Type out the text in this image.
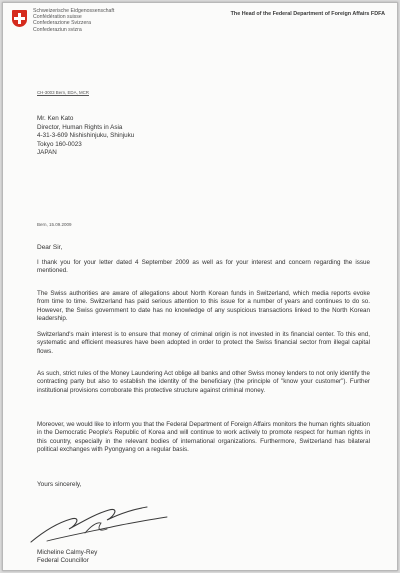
Schweizerische Eidgenossenschaft
Confédération suisse
Confederazione Svizzera
Confederaziun svizra
The Head of the Federal Department of Foreign Affairs FDFA
CH-3003 Bern, EDA, MCR
Mr. Ken Kato
Director, Human Rights in Asia
4-31-3-609 Nishishinjuku, Shinjuku
Tokyo 160-0023
JAPAN
Bern, 15.09.2009
Dear Sir,

I thank you for your letter dated 4 September 2009 as well as for your interest and concern regarding the issue mentioned.

The Swiss authorities are aware of allegations about North Korean funds in Switzerland, which media reports evoke from time to time. Switzerland has paid serious attention to this issue for a number of years and continues to do so. However, the Swiss government to date has no knowledge of any suspicious transactions linked to the North Korean leadership.

Switzerland's main interest is to ensure that money of criminal origin is not invested in its financial center. To this end, systematic and efficient measures have been adopted in order to protect the Swiss financial sector from illegal capital flows.

As such, strict rules of the Money Laundering Act oblige all banks and other Swiss money lenders to not only identify the contracting party but also to establish the identity of the beneficiary (the principle of "know your customer"). Further institutional provisions corroborate this protective structure against criminal money.

Moreover, we would like to inform you that the Federal Department of Foreign Affairs monitors the human rights situation in the Democratic People's Republic of Korea and will continue to work actively to promote respect for human rights in this country, especially in the relevant bodies of international organizations. Furthermore, Switzerland has bilateral political exchanges with Pyongyang on a regular basis.

Yours sincerely,
Micheline Calmy-Rey
Federal Councillor
